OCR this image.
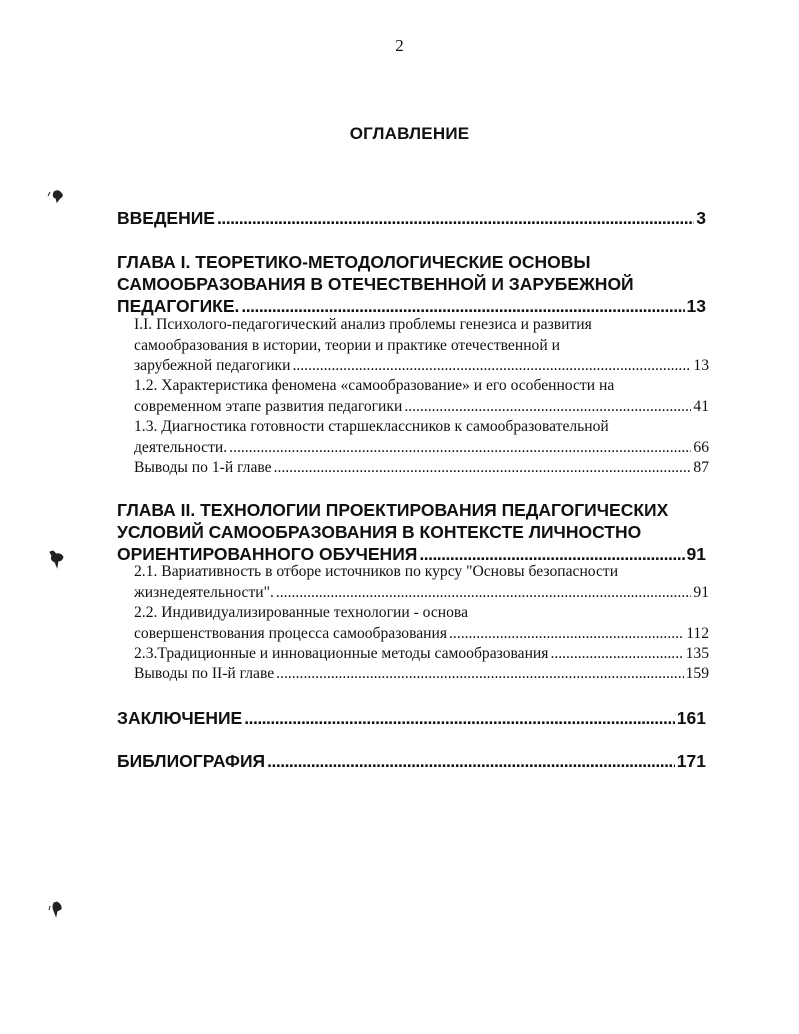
2
ОГЛАВЛЕНИЕ
ВВЕДЕНИЕ .....	3
ГЛАВА I. ТЕОРЕТИКО-МЕТОДОЛОГИЧЕСКИЕ ОСНОВЫ
САМООБРАЗОВАНИЯ В ОТЕЧЕСТВЕННОЙ И ЗАРУБЕЖНОЙ
ПЕДАГОГИКЕ. .....	13
I.I. Психолого-педагогический анализ проблемы генезиса и развития
самообразования в истории, теории и практике отечественной и
зарубежной педагогики .....	13
1.2. Характеристика феномена «самообразование» и его особенности на
современном этапе развития педагогики .....	41
1.3. Диагностика готовности старшеклассников к самообразовательной
деятельности. .....	66
Выводы по 1-й главе .....	87
ГЛАВА II. ТЕХНОЛОГИИ ПРОЕКТИРОВАНИЯ ПЕДАГОГИЧЕСКИХ
УСЛОВИЙ САМООБРАЗОВАНИЯ В КОНТЕКСТЕ ЛИЧНОСТНО
ОРИЕНТИРОВАННОГО ОБУЧЕНИЯ .....	91
2.1. Вариативность в отборе источников по курсу "Основы безопасности
жизнедеятельности". .....	91
2.2. Индивидуализированные технологии - основа
совершенствования процесса самообразования .....	112
2.3.Традиционные и инновационные методы самообразования .....	135
Выводы по II-й главе .....	159
ЗАКЛЮЧЕНИЕ .....	161
БИБЛИОГРАФИЯ .....	171
